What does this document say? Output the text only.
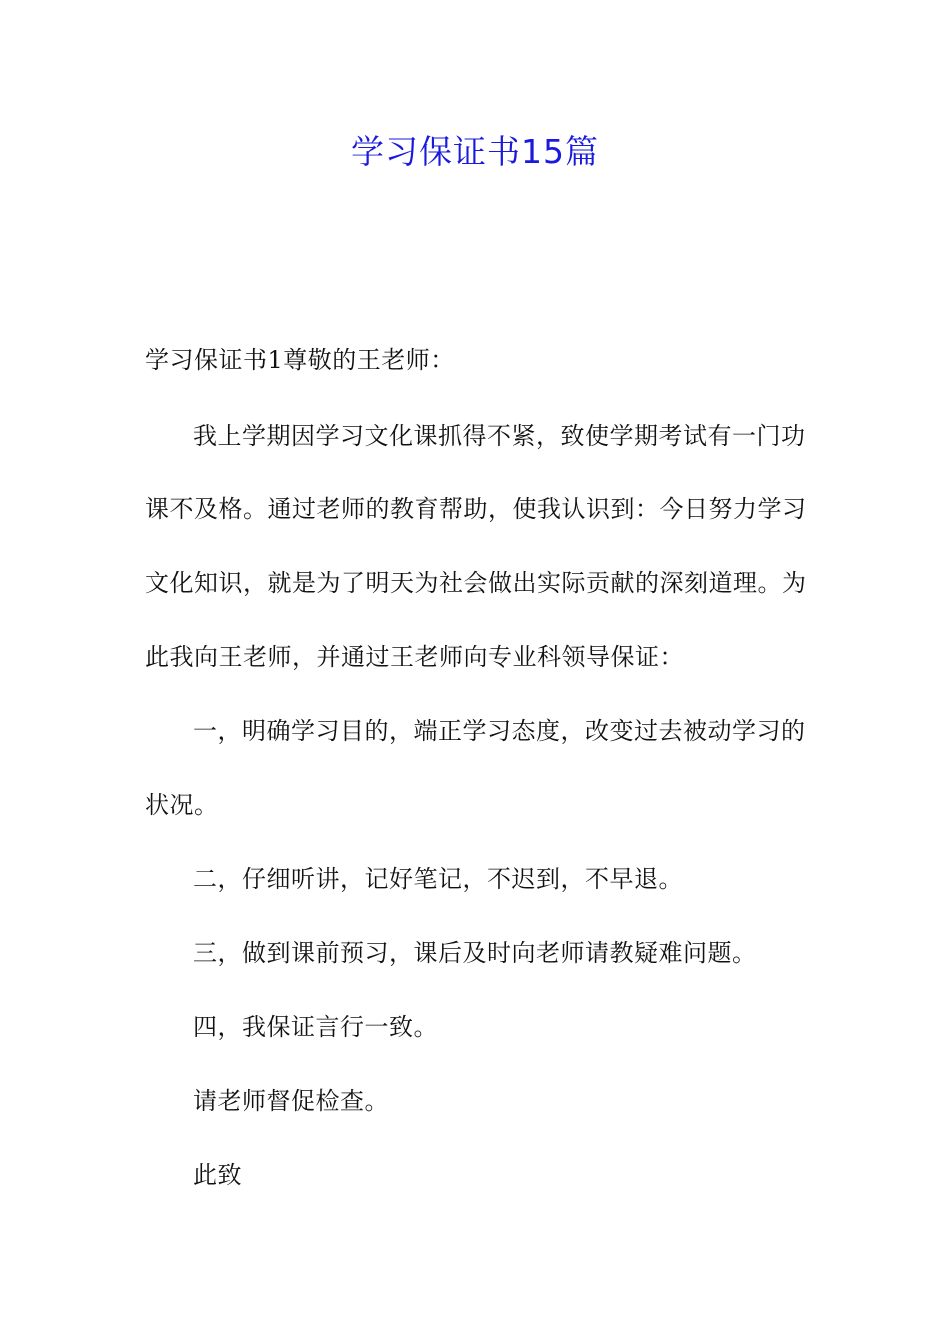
学习保证书15篇
学习保证书1尊敬的王老师：
我上学期因学习文化课抓得不紧，致使学期考试有一门功
课不及格。通过老师的教育帮助，使我认识到：今日努力学习
文化知识，就是为了明天为社会做出实际贡献的深刻道理。为
此我向王老师，并通过王老师向专业科领导保证：
一，明确学习目的，端正学习态度，改变过去被动学习的
状况。
二，仔细听讲，记好笔记，不迟到，不早退。
三，做到课前预习，课后及时向老师请教疑难问题。
四，我保证言行一致。
请老师督促检查。
此致
